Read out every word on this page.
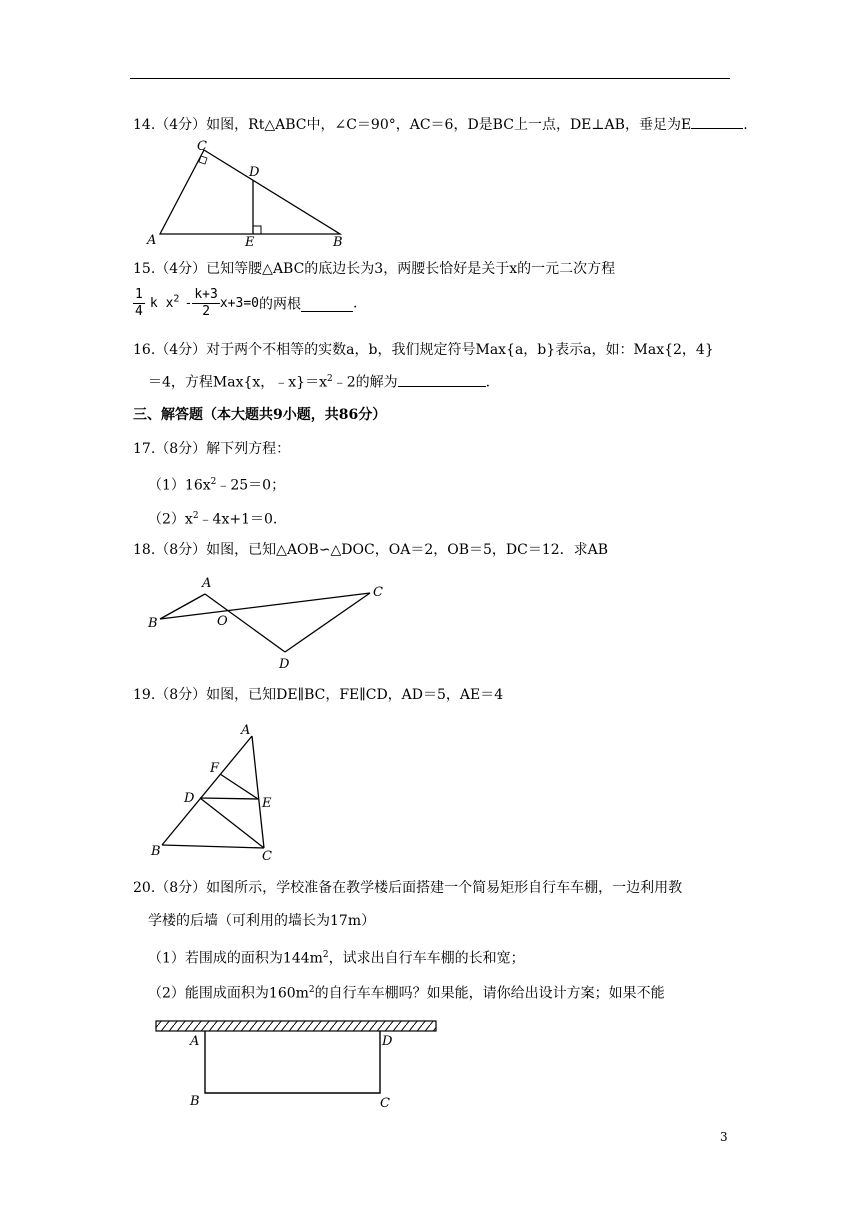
14.（4分）如图，Rt△ABC中，∠C＝90°，AC＝6，D是BC上一点，DE⊥AB，垂足为E	.
A
C
D
E	B
15.（4分）已知等腰△ABC的底边长为3，两腰长恰好是关于x的一元二次方程
$\frac{1}{4}$ k $x^2 - \frac{k+3}{2} x+3=0$的两根	.
16.（4分）对于两个不相等的实数a，b，我们规定符号Max{a，b}表示a，如：Max{2，4}
＝4，方程Max{x，$﹣x\}=x^2﹣2$的解为	.
三、解答题（本大题共9小题，共86分）
17.（8分）解下列方程：
$(1)16x^2﹣25=0$；
$(2)x^2﹣4x+1=0$.
18.（8分）如图，已知△AOB∽△DOC，OA＝2，OB＝5，DC＝12．求AB
A
B	O
C
D
19.（8分）如图，已知DE∥BC，FE∥CD，AD＝5，AE＝4
A
F
D	E
B	C
20.（8分）如图所示，学校准备在教学楼后面搭建一个简易矩形自行车车棚，一边利用教
学楼的后墙（可利用的墙长为17m）
（1）若围成的面积为$144m^2$，试求出自行车车棚的长和宽；
（2）能围成面积为$160m^2$的自行车车棚吗？如果能，请你给出设计方案；如果不能
A	D
B	C
3
